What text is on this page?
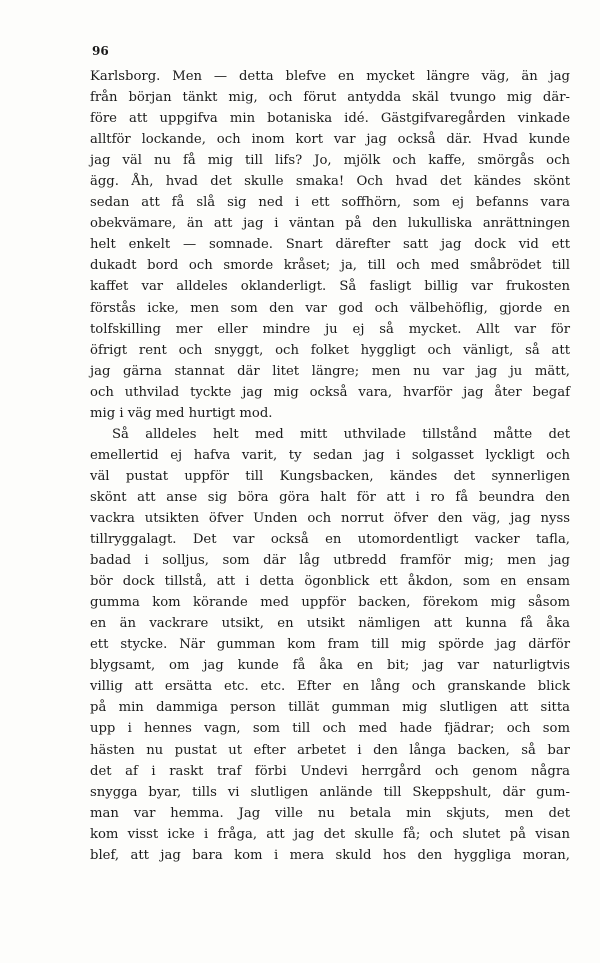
96
Karlsborg. Men — detta blefve en mycket längre väg, än jag
från början tänkt mig, och förut antydda skäl tvungo mig där-
före att uppgifva min botaniska idé. Gästgifvaregården vinkade
alltför lockande, och inom kort var jag också där. Hvad kunde
jag väl nu få mig till lifs? Jo, mjölk och kaffe, smörgås och
ägg. Åh, hvad det skulle smaka! Och hvad det kändes skönt
sedan att få slå sig ned i ett soffhörn, som ej befanns vara
obekvämare, än att jag i väntan på den lukulliska anrättningen
helt enkelt — somnade. Snart därefter satt jag dock vid ett
dukadt bord och smorde kråset; ja, till och med småbrödet till
kaffet var alldeles oklanderligt. Så fasligt billig var frukosten
förstås icke, men som den var god och välbehöflig, gjorde en
tolfskilling mer eller mindre ju ej så mycket. Allt var för
öfrigt rent och snyggt, och folket hyggligt och vänligt, så att
jag gärna stannat där litet längre; men nu var jag ju mätt,
och uthvilad tyckte jag mig också vara, hvarför jag åter begaf
mig i väg med hurtigt mod.
Så alldeles helt med mitt uthvilade tillstånd måtte det
emellertid ej hafva varit, ty sedan jag i solgasset lyckligt och
väl pustat uppför till Kungsbacken, kändes det synnerligen
skönt att anse sig böra göra halt för att i ro få beundra den
vackra utsikten öfver Unden och norrut öfver den väg, jag nyss
tillryggalagt. Det var också en utomordentligt vacker tafla,
badad i solljus, som där låg utbredd framför mig; men jag
bör dock tillstå, att i detta ögonblick ett åkdon, som en ensam
gumma kom körande med uppför backen, förekom mig såsom
en än vackrare utsikt, en utsikt nämligen att kunna få åka
ett stycke. När gumman kom fram till mig spörde jag därför
blygsamt, om jag kunde få åka en bit; jag var naturligtvis
villig att ersätta etc. etc. Efter en lång och granskande blick
på min dammiga person tillät gumman mig slutligen att sitta
upp i hennes vagn, som till och med hade fjädrar; och som
hästen nu pustat ut efter arbetet i den långa backen, så bar
det af i raskt traf förbi Undevi herrgård och genom några
snygga byar, tills vi slutligen anlände till Skeppshult, där gum-
man var hemma. Jag ville nu betala min skjuts, men det
kom visst icke i fråga, att jag det skulle få; och slutet på visan
blef, att jag bara kom i mera skuld hos den hyggliga moran,
